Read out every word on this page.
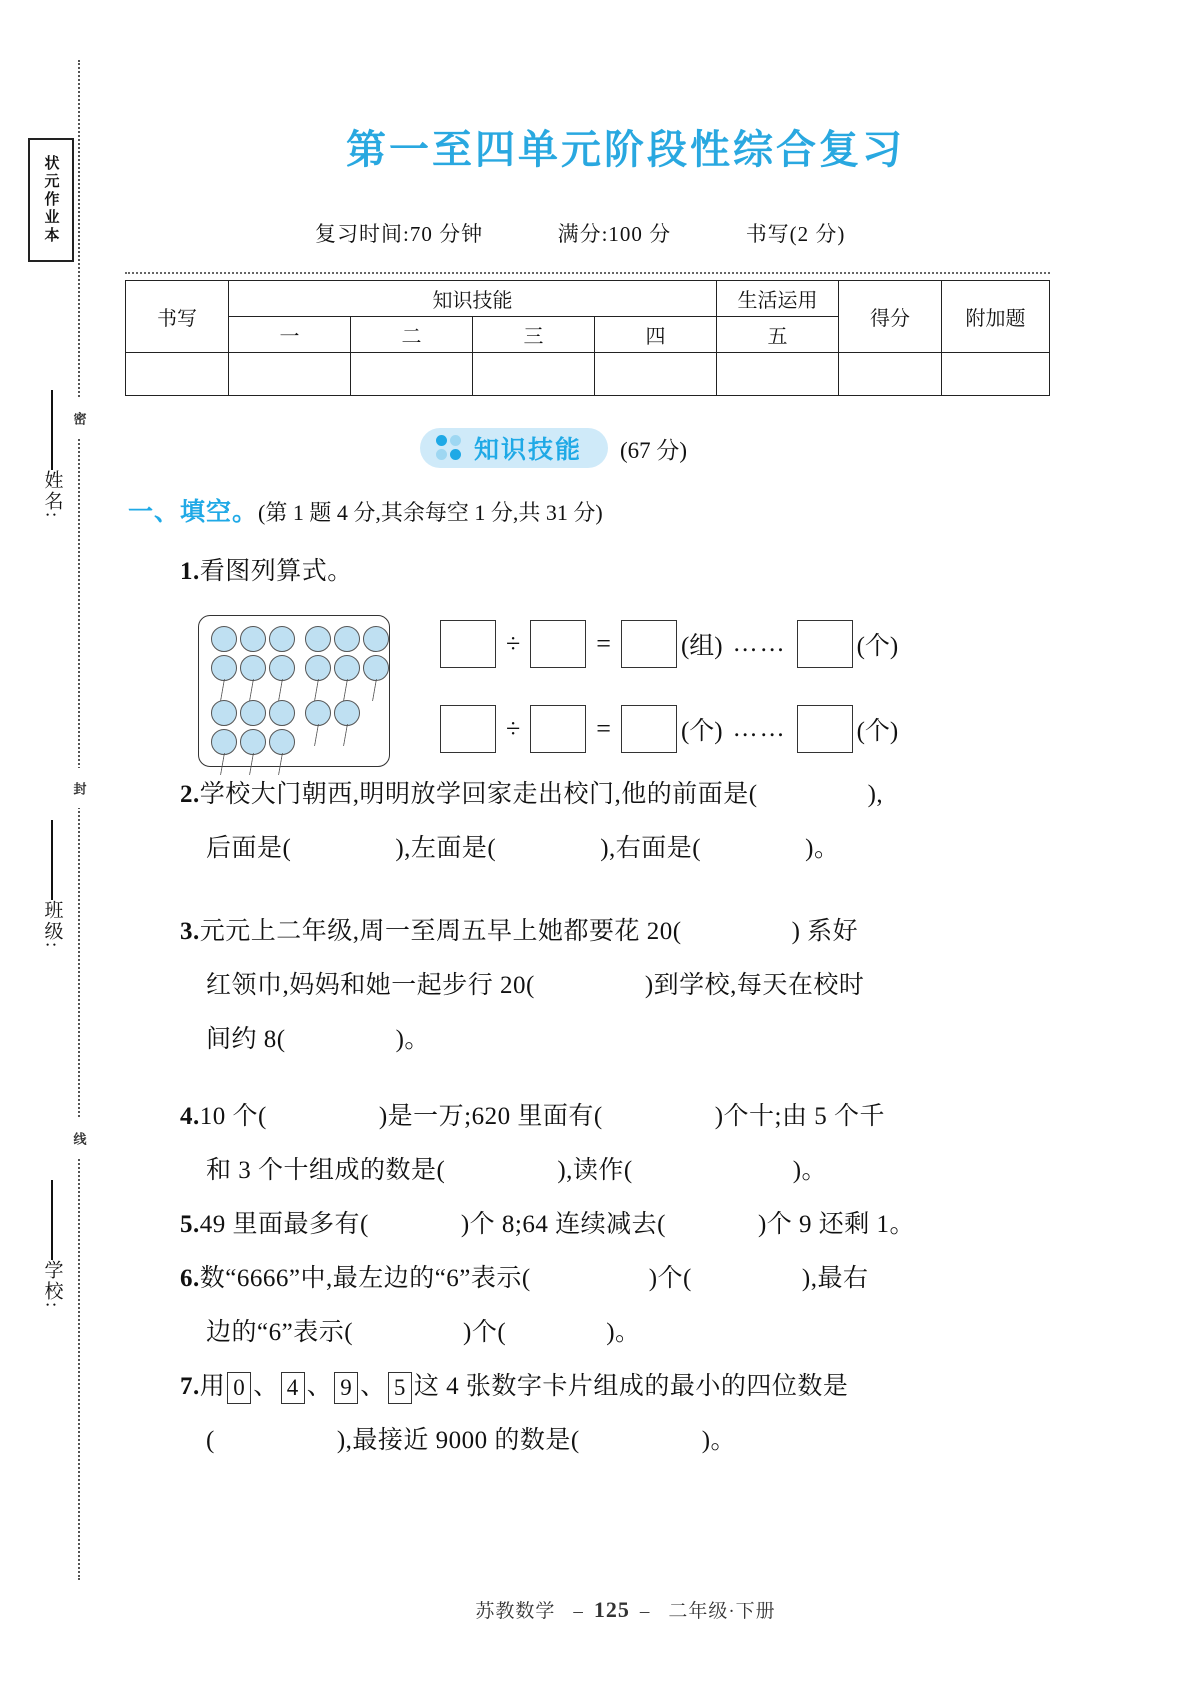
状元作业本
密
封
线
姓名:
班级:
学校:
第一至四单元阶段性综合复习
复习时间:70 分钟	满分:100 分	书写(2 分)
书写	知识技能				生活运用	得分	附加题
	一	二	三	四	五		

知识技能 (67 分)
一、填空。(第 1 题 4 分,其余每空 1 分,共 31 分)
1.看图列算式。
÷	=	(组) ……	(个)
÷	=	(个) ……	(个)
2.学校大门朝西,明明放学回家走出校门,他的前面是(	),
后面是(	),左面是(	),右面是(	)。
3.元元上二年级,周一至周五早上她都要花 20(	) 系好
红领巾,妈妈和她一起步行 20(	)到学校,每天在校时
间约 8(	)。
4.10 个(	)是一万;620 里面有(	)个十;由 5 个千
和 3 个十组成的数是(	),读作(	)。
5.49 里面最多有(	)个 8;64 连续减去(	)个 9 还剩 1。
6.数“6666”中,最左边的“6”表示(	)个(	),最右
边的“6”表示(	)个(	)。
7.用 0 、 4 、 9 、 5 这 4 张数字卡片组成的最小的四位数是
(	),最接近 9000 的数是(	)。
苏教数学 – 125 – 二年级·下册
